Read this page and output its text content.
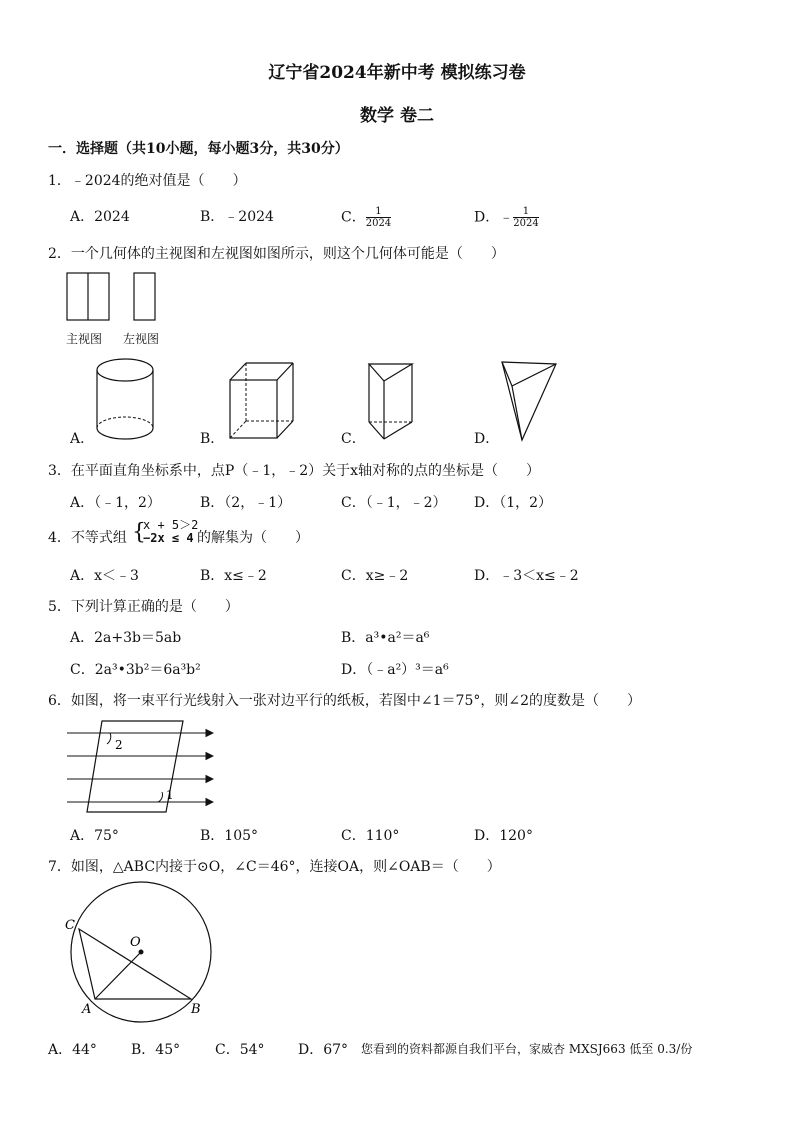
辽宁省2024年新中考 模拟练习卷
数学 卷二
一．选择题（共10小题，每小题3分，共30分）
1．﹣2024的绝对值是（　　）
A．2024	B．﹣2024	C． $\frac{1}{2024}$	D．﹣ $\frac{1}{2024}$
2．一个几何体的主视图和左视图如图所示，则这个几何体可能是（　　）
主视图 左视图
A．	B．	C．	D．
3．在平面直角坐标系中，点P（﹣1，﹣2）关于x轴对称的点的坐标是（　　）
A．（﹣1，2）	B．（2，﹣1）	C．（﹣1，﹣2） D．（1，2）
4．不等式组 {
x + 5＞2
−2x ≤ 4 的解集为（　　）
A．x＜﹣3	B．x≤﹣2	C．x≥﹣2	D．﹣3＜x≤﹣2
5．下列计算正确的是（　　）
A．2a+3b＝5ab	B．a³•a²＝a⁶
C．2a³•3b²＝6a³b²	D．（﹣a²）³＝a⁶
6．如图，将一束平行光线射入一张对边平行的纸板，若图中∠1＝75°，则∠2的度数是（　　）
2
1
A．75°	B．105°	C．110°	D．120°
7．如图，△ABC内接于⊙O，∠C＝46°，连接OA，则∠OAB＝（　　）
C
O
A	B
A．44° B．45° C．54° D．67° 您看到的资料都源自我们平台，家威杏 MXSJ663 低至 0.3/份
